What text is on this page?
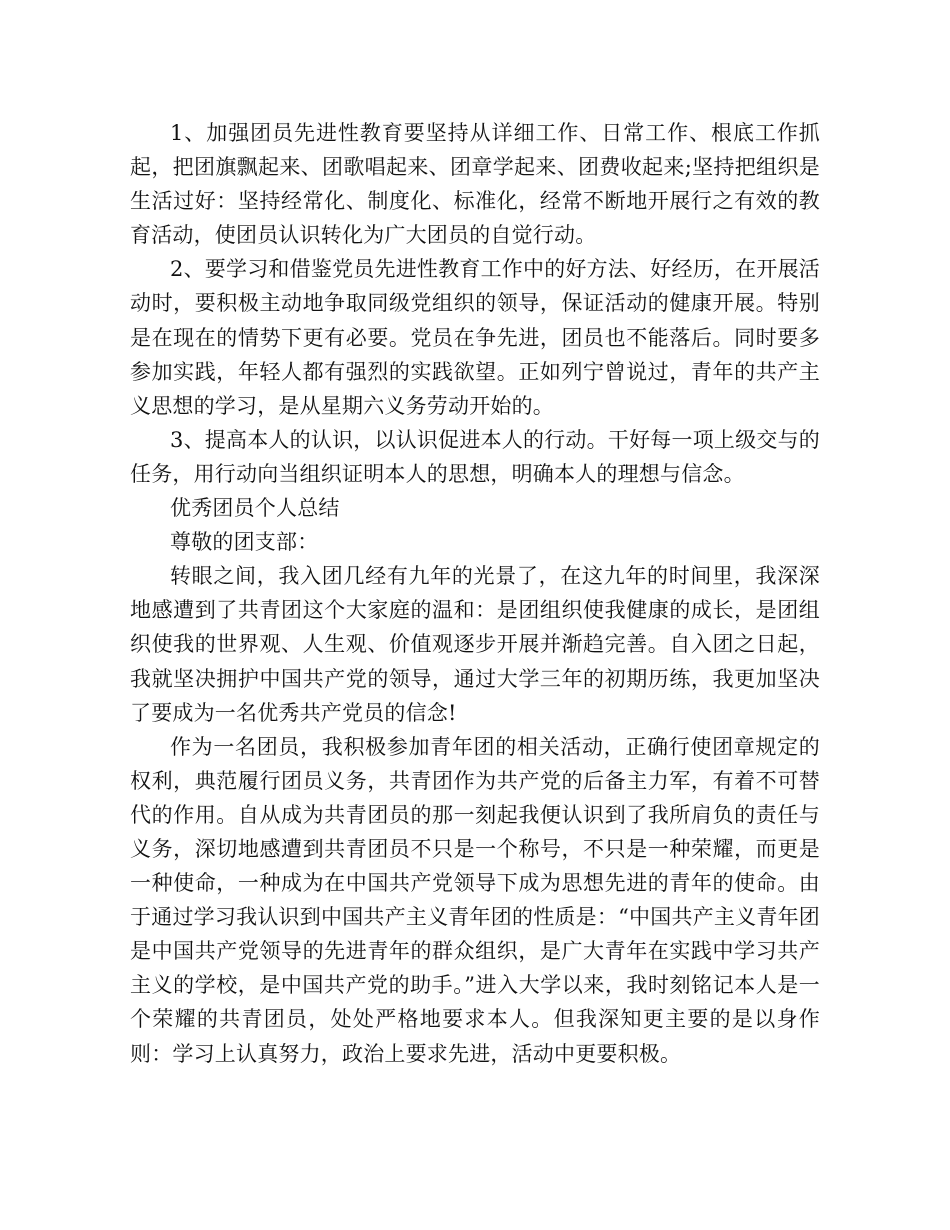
1、加强团员先进性教育要坚持从详细工作、日常工作、根底工作抓起，把团旗飘起来、团歌唱起来、团章学起来、团费收起来;坚持把组织是生活过好：坚持经常化、制度化、标准化，经常不断地开展行之有效的教育活动，使团员认识转化为广大团员的自觉行动。

2、要学习和借鉴党员先进性教育工作中的好方法、好经历，在开展活动时，要积极主动地争取同级党组织的领导，保证活动的健康开展。特别是在现在的情势下更有必要。党员在争先进，团员也不能落后。同时要多参加实践，年轻人都有强烈的实践欲望。正如列宁曾说过，青年的共产主义思想的学习，是从星期六义务劳动开始的。

3、提高本人的认识，以认识促进本人的行动。干好每一项上级交与的任务，用行动向当组织证明本人的思想，明确本人的理想与信念。

优秀团员个人总结

尊敬的团支部：

转眼之间，我入团几经有九年的光景了，在这九年的时间里，我深深地感遭到了共青团这个大家庭的温和：是团组织使我健康的成长，是团组织使我的世界观、人生观、价值观逐步开展并渐趋完善。自入团之日起，我就坚决拥护中国共产党的领导，通过大学三年的初期历练，我更加坚决了要成为一名优秀共产党员的信念!

作为一名团员，我积极参加青年团的相关活动，正确行使团章规定的权利，典范履行团员义务，共青团作为共产党的后备主力军，有着不可替代的作用。自从成为共青团员的那一刻起我便认识到了我所肩负的责任与义务，深切地感遭到共青团员不只是一个称号，不只是一种荣耀，而更是一种使命，一种成为在中国共产党领导下成为思想先进的青年的使命。由于通过学习我认识到中国共产主义青年团的性质是：“中国共产主义青年团是中国共产党领导的先进青年的群众组织，是广大青年在实践中学习共产主义的学校，是中国共产党的助手。”进入大学以来，我时刻铭记本人是一个荣耀的共青团员，处处严格地要求本人。但我深知更主要的是以身作则：学习上认真努力，政治上要求先进，活动中更要积极。
